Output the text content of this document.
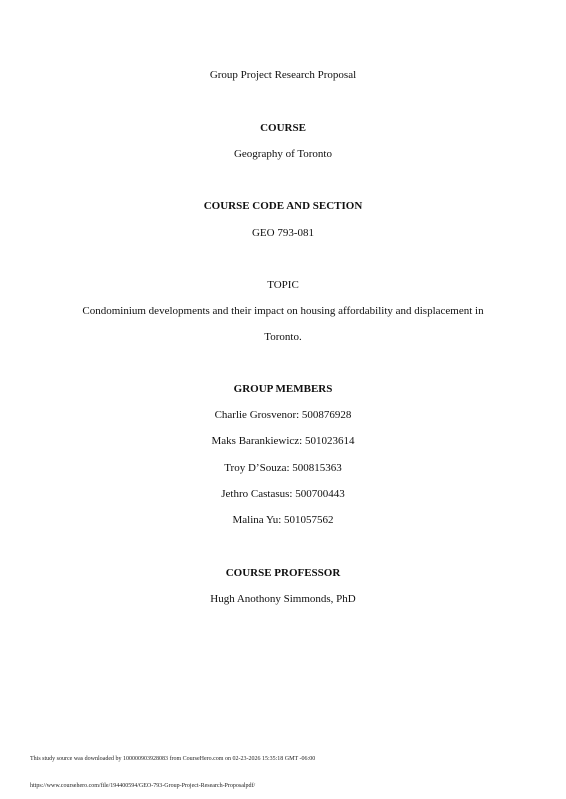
Group Project Research Proposal
COURSE
Geography of Toronto
COURSE CODE AND SECTION
GEO 793-081
TOPIC
Condominium developments and their impact on housing affordability and displacement in
Toronto.
GROUP MEMBERS
Charlie Grosvenor: 500876928
Maks Barankiewicz: 501023614
Troy D’Souza: 500815363
Jethro Castasus: 500700443
Malina Yu: 501057562
COURSE PROFESSOR
Hugh Anothony Simmonds, PhD
This study source was downloaded by 100000903928083 from CourseHero.com on 02-23-2026 15:35:18 GMT -06:00
https://www.coursehero.com/file/194400594/GEO-793-Group-Project-Research-Proposalpdf/
